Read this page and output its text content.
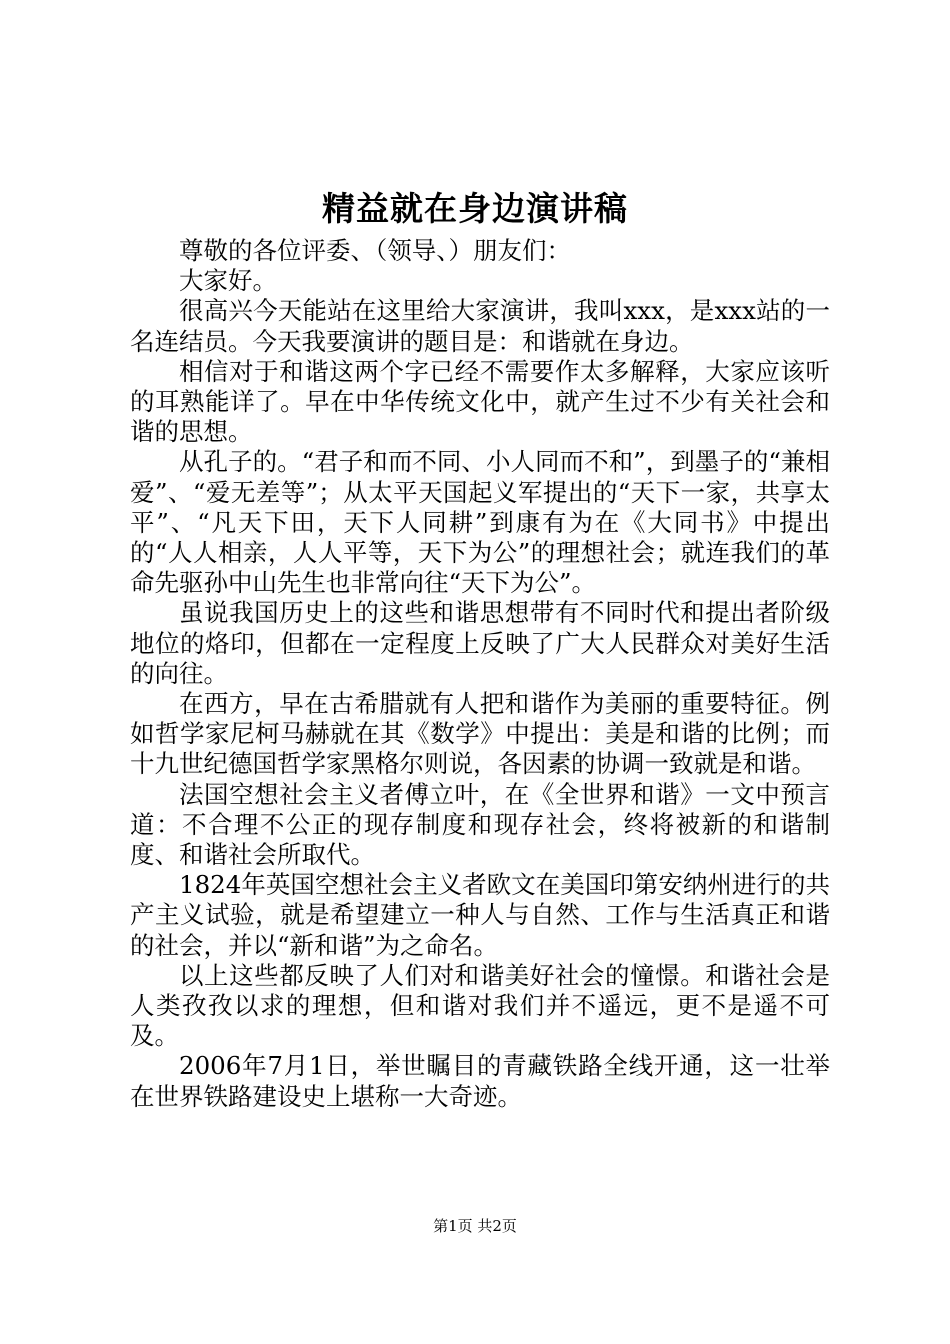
精益就在身边演讲稿

尊敬的各位评委、（领导、）朋友们：

大家好。

很高兴今天能站在这里给大家演讲，我叫xxx，是xxx站的一名连结员。今天我要演讲的题目是：和谐就在身边。

相信对于和谐这两个字已经不需要作太多解释，大家应该听的耳熟能详了。早在中华传统文化中，就产生过不少有关社会和谐的思想。

从孔子的。“君子和而不同、小人同而不和”，到墨子的“兼相爱”、“爱无差等”；从太平天国起义军提出的“天下一家，共享太平”、“凡天下田，天下人同耕”到康有为在《大同书》中提出的“人人相亲，人人平等，天下为公”的理想社会；就连我们的革命先驱孙中山先生也非常向往“天下为公”。

虽说我国历史上的这些和谐思想带有不同时代和提出者阶级地位的烙印，但都在一定程度上反映了广大人民群众对美好生活的向往。

在西方，早在古希腊就有人把和谐作为美丽的重要特征。例如哲学家尼柯马赫就在其《数学》中提出：美是和谐的比例；而十九世纪德国哲学家黑格尔则说，各因素的协调一致就是和谐。

法国空想社会主义者傅立叶，在《全世界和谐》一文中预言道：不合理不公正的现存制度和现存社会，终将被新的和谐制度、和谐社会所取代。

1824年英国空想社会主义者欧文在美国印第安纳州进行的共产主义试验，就是希望建立一种人与自然、工作与生活真正和谐的社会，并以“新和谐”为之命名。

以上这些都反映了人们对和谐美好社会的憧憬。和谐社会是人类孜孜以求的理想，但和谐对我们并不遥远，更不是遥不可及。

2006年7月1日，举世瞩目的青藏铁路全线开通，这一壮举在世界铁路建设史上堪称一大奇迹。

第1页 共2页
